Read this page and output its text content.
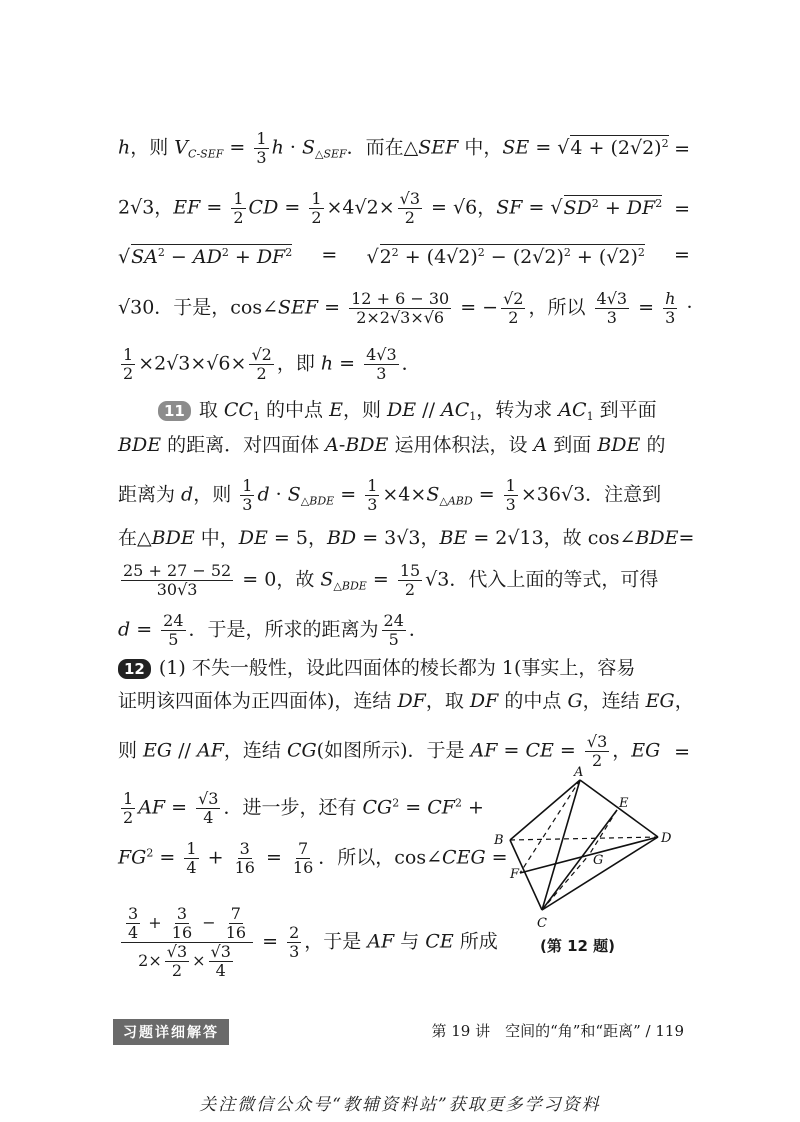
h，则 $V_{C-SEF} = \frac{1}{3}$ $h \cdot S_{\triangle SEF}$．而在△SEF 中，SE = $√4 + (2√2)^2$ =
2√3，EF = $\frac{1}{2}$ CD = $\frac{1}{2} \times 4√2\times \frac{√3}{2} = √6$，SF = $√SD^2 + DF^2$ =
$√SA^2 - AD^2 + DF^2 = √2^2 + (4√2)^2 - (2√2)^2 + (√2)^2$ =
√30．于是，cos∠SEF = $\frac{12 + 6 - 30}{2\times 2√3\times√6}$ = − $\frac{√2}{2}$ ，所以 $\frac{4√3}{3} = \frac{h}{3}$ ·
$\frac{1}{2} \times 2√3\times√6\times \frac{√2}{2}$ ，即 $h = \frac{4√3}{3}$ ．
11 取 $CC_1$ 的中点 E，则 DE // $AC_1$，转为求 $AC_1$ 到平面
BDE 的距离．对四面体 A‑BDE 运用体积法，设 A 到面 BDE 的
距离为 d，则 $\frac{1}{3}$ $d \cdot S_{\triangle BDE} = \frac{1}{3} \times 4\times S_{\triangle ABD} = \frac{1}{3} \times 36√3$．注意到
在△BDE 中，DE = 5，BD = 3√3，BE = 2√13，故 cos∠BDE =
$\frac{25 + 27 - 52}{30√3} = 0$，故 $S_{\triangle BDE} = \frac{15}{2} √3$．代入上面的等式，可得
$d = \frac{24}{5}$ ．于是，所求的距离为 $\frac{24}{5}$ ．
12 (1) 不失一般性，设此四面体的棱长都为 1(事实上，容易
证明该四面体为正四面体)，连结 DF，取 DF 的中点 G，连结 EG，
则 EG // AF，连结 CG(如图所示)．于是 AF = CE = $\frac{√3}{2}$ ，EG =
$\frac{1}{2}$ AF = $\frac{√3}{4}$ ．进一步，还有 $CG^2 = CF^2$ +
$FG^2 = \frac{1}{4} + \frac{3}{16} = \frac{7}{16}$ ．所以，cos∠CEG =
$\frac{\frac{3}{4} + \frac{3}{16} - \frac{7}{16}}{2\times \frac{√3}{2} \times \frac{√3}{4}} = \frac{2}{3}$ ，于是 AF 与 CE 所成
A
B
C
D
E
F
G
(第 12 题)
习题详细解答	第 19 讲　空间的“角”和“距离” / 119
关注微信公众号“教辅资料站”获取更多学习资料
